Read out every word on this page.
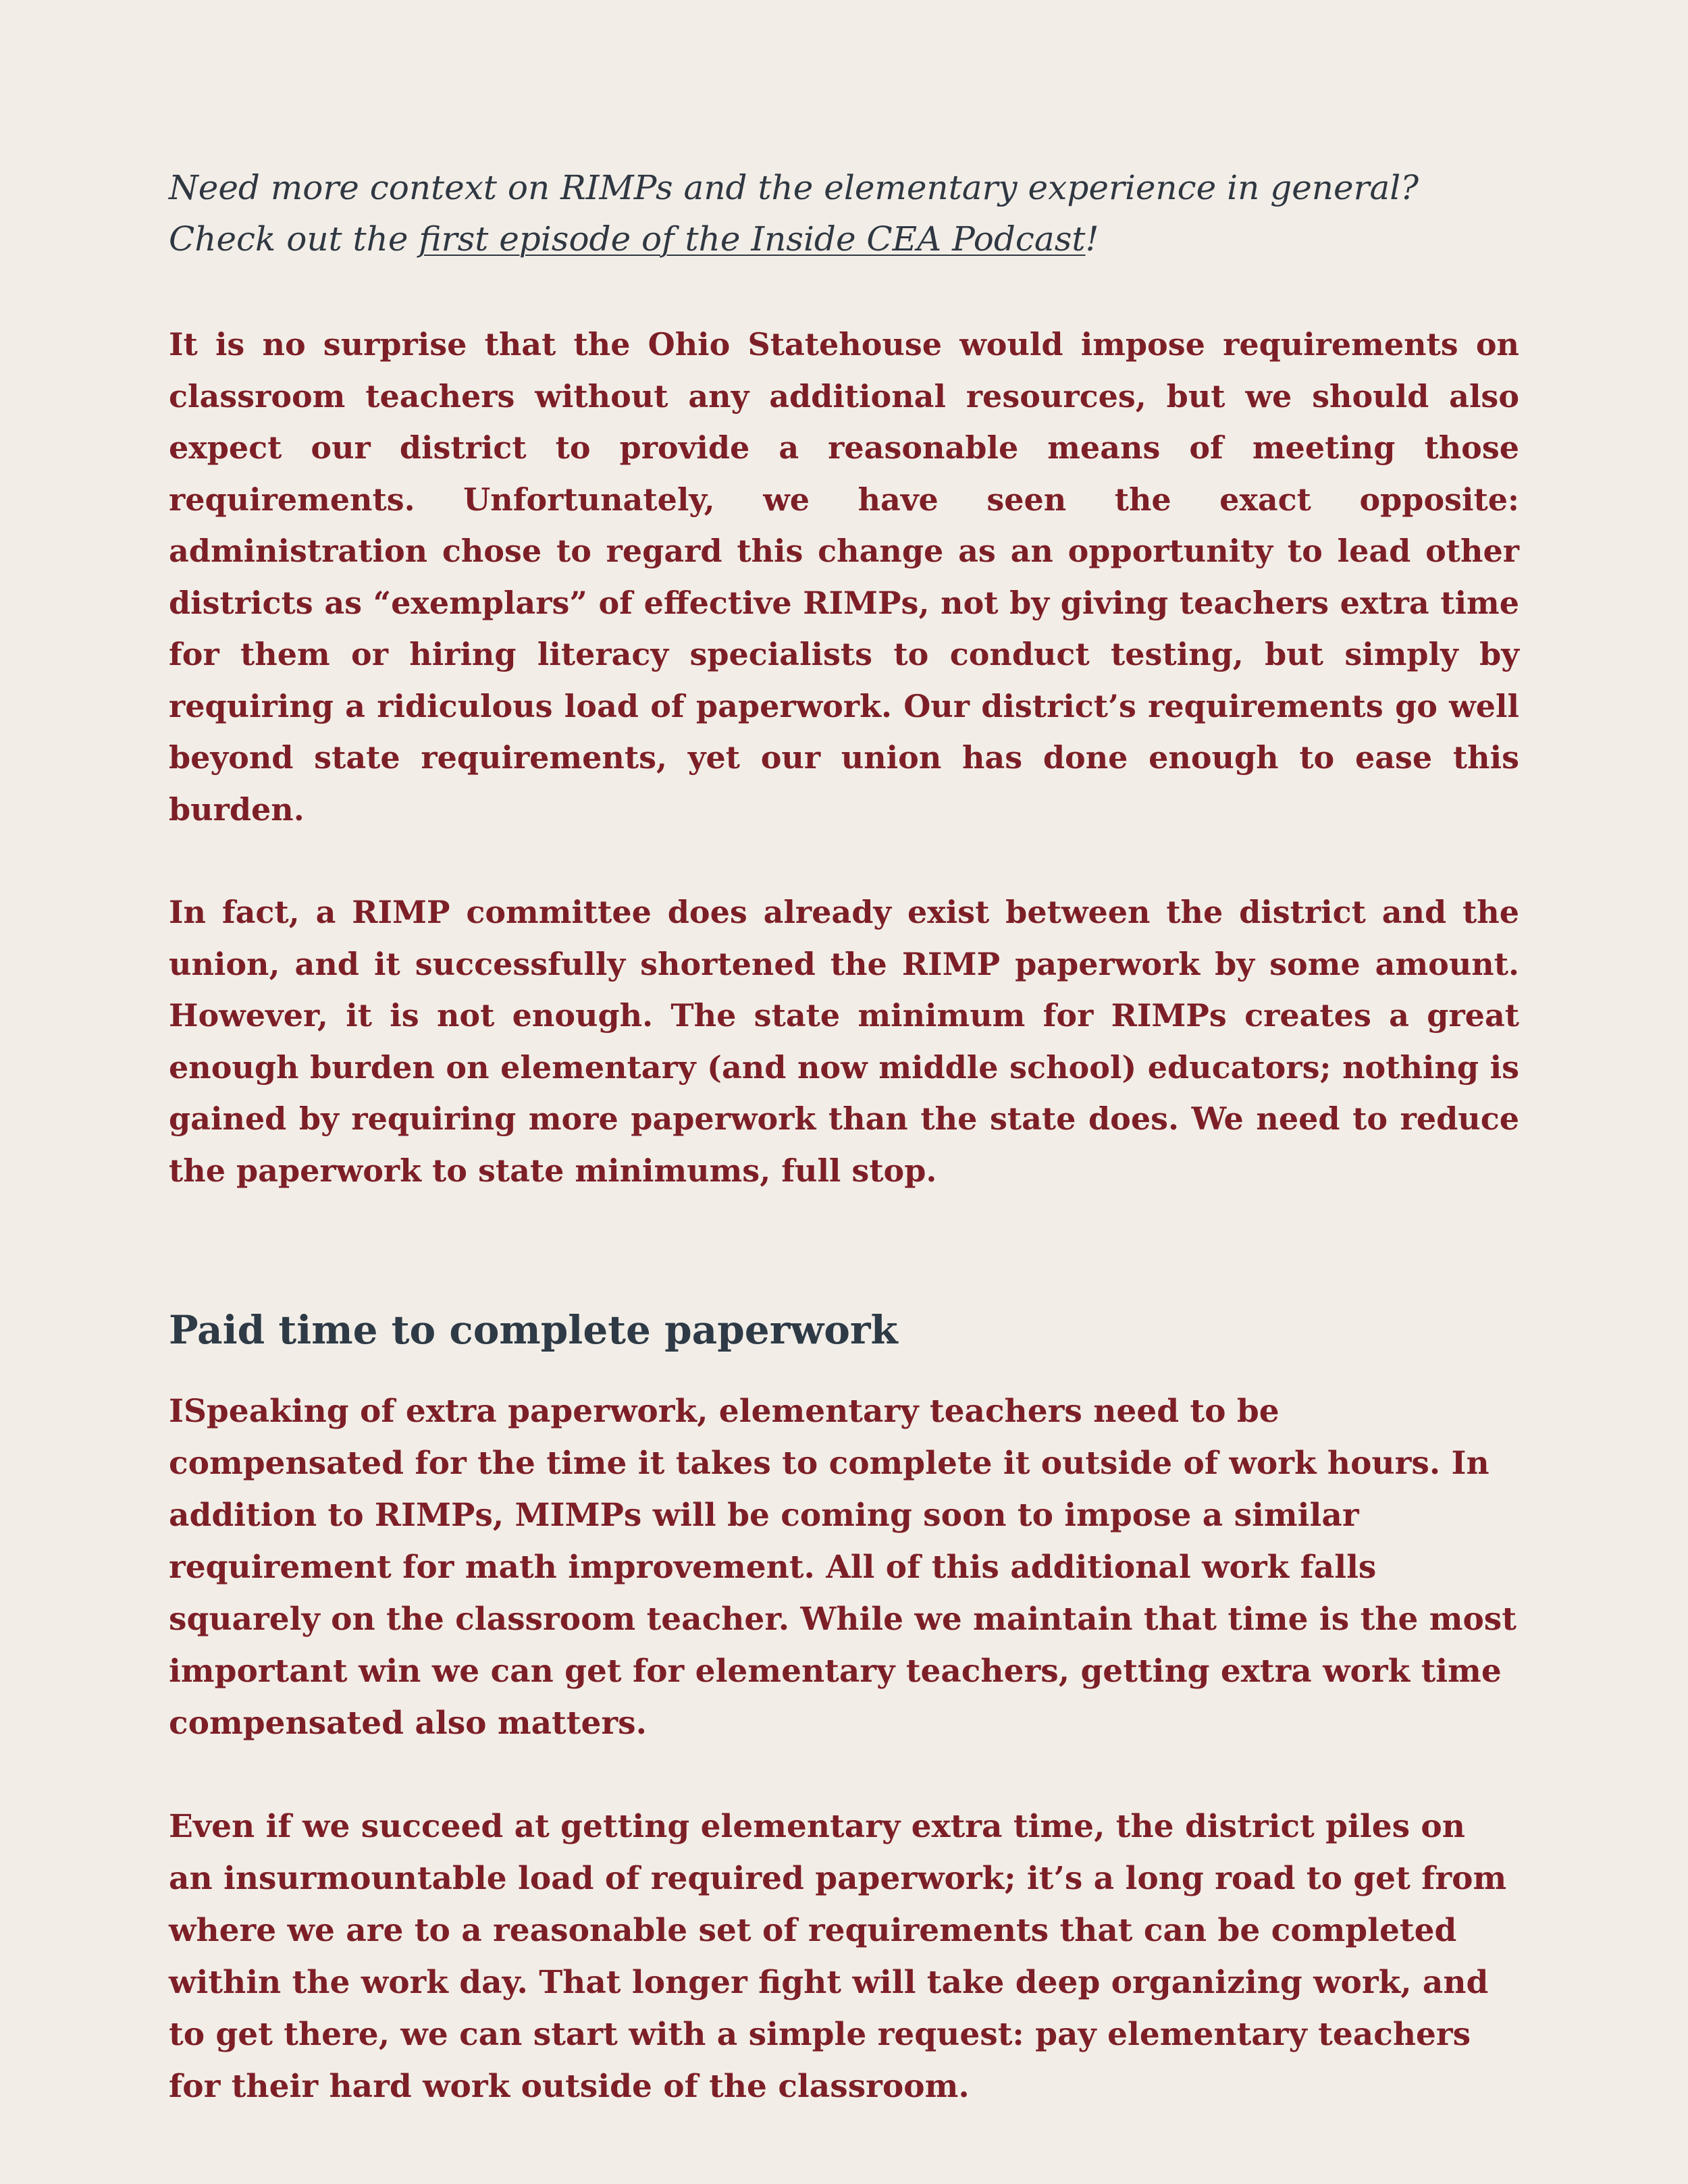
Need more context on RIMPs and the elementary experience in general? Check out the first episode of the Inside CEA Podcast!

It is no surprise that the Ohio Statehouse would impose requirements on classroom teachers without any additional resources, but we should also expect our district to provide a reasonable means of meeting those requirements. Unfortunately, we have seen the exact opposite: administration chose to regard this change as an opportunity to lead other districts as “exemplars” of effective RIMPs, not by giving teachers extra time for them or hiring literacy specialists to conduct testing, but simply by requiring a ridiculous load of paperwork. Our district’s requirements go well beyond state requirements, yet our union has done enough to ease this burden.

In fact, a RIMP committee does already exist between the district and the union, and it successfully shortened the RIMP paperwork by some amount. However, it is not enough. The state minimum for RIMPs creates a great enough burden on elementary (and now middle school) educators; nothing is gained by requiring more paperwork than the state does. We need to reduce the paperwork to state minimums, full stop.

Paid time to complete paperwork

ISpeaking of extra paperwork, elementary teachers need to be compensated for the time it takes to complete it outside of work hours. In addition to RIMPs, MIMPs will be coming soon to impose a similar requirement for math improvement. All of this additional work falls squarely on the classroom teacher. While we maintain that time is the most important win we can get for elementary teachers, getting extra work time compensated also matters.

Even if we succeed at getting elementary extra time, the district piles on an insurmountable load of required paperwork; it’s a long road to get from where we are to a reasonable set of requirements that can be completed within the work day. That longer fight will take deep organizing work, and to get there, we can start with a simple request: pay elementary teachers for their hard work outside of the classroom.
